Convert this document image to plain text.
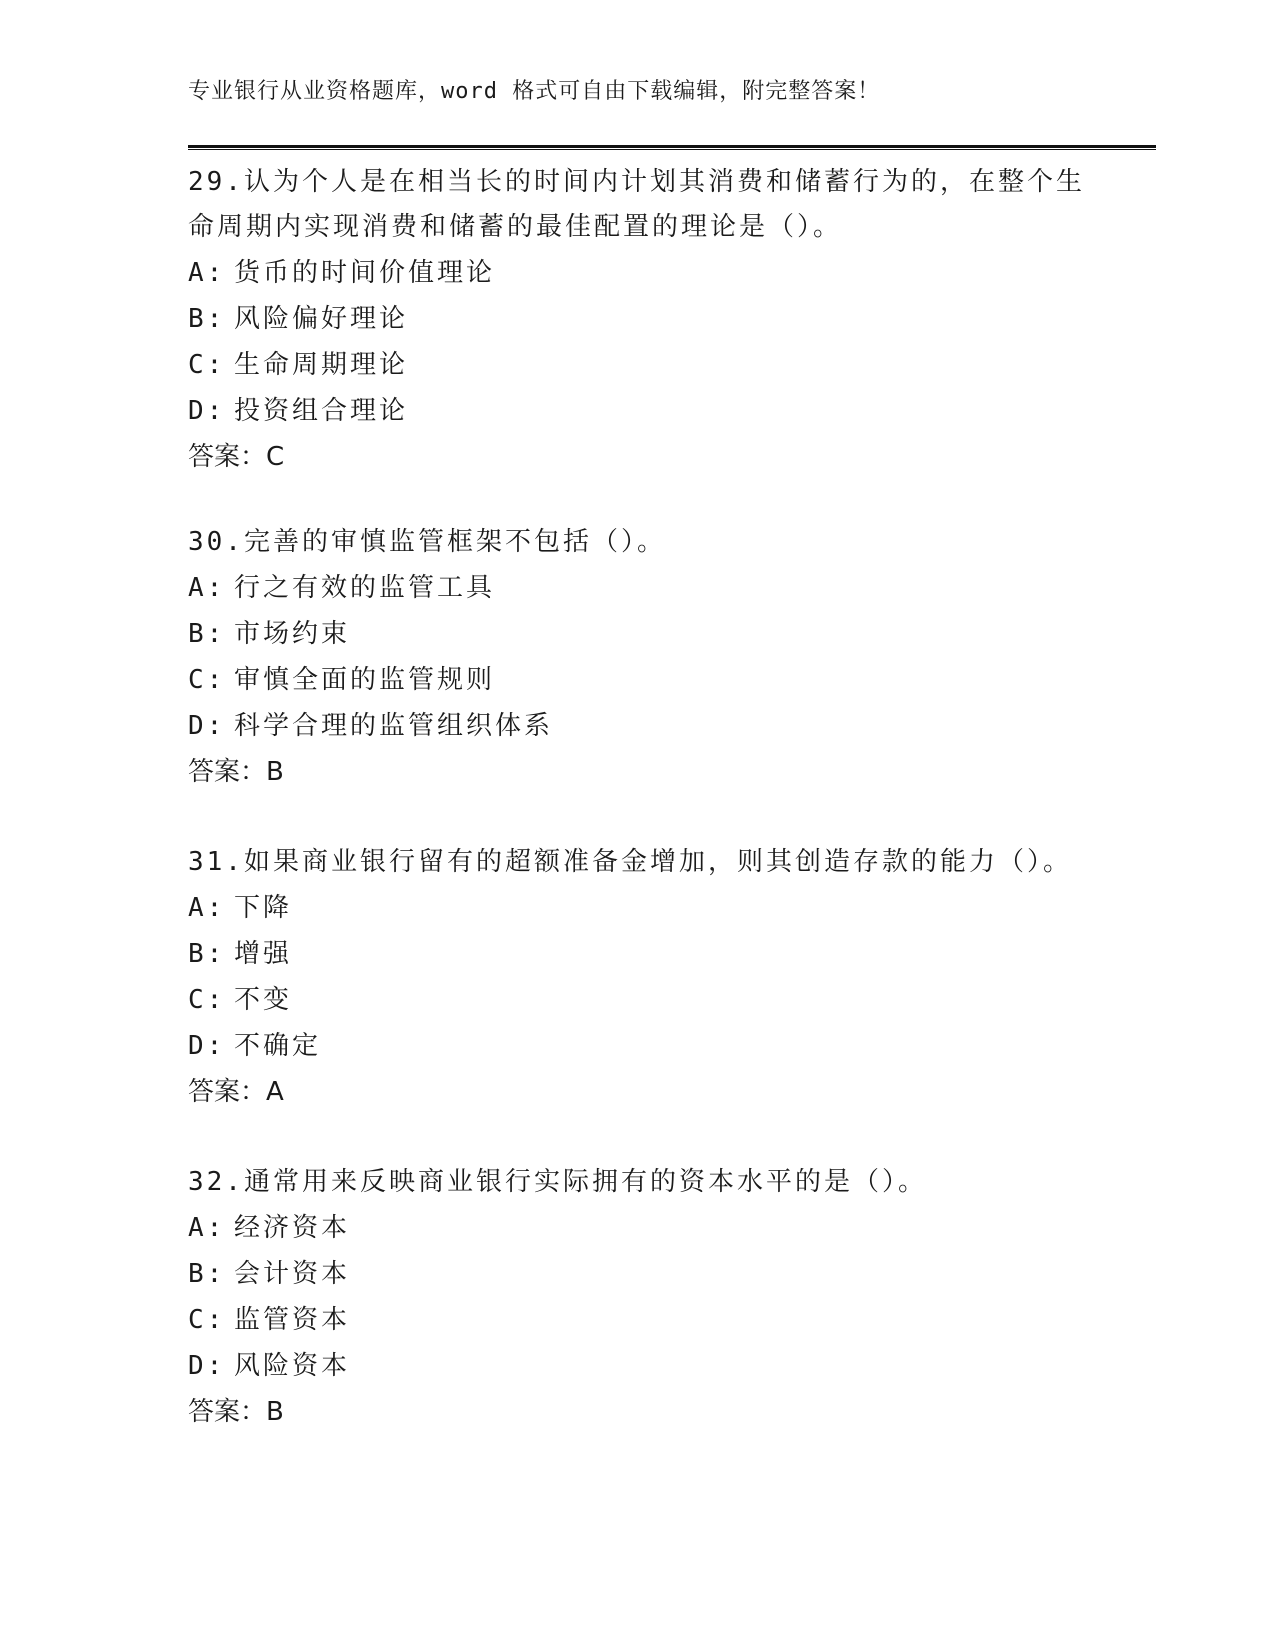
专业银行从业资格题库，word 格式可自由下载编辑，附完整答案！

29.认为个人是在相当长的时间内计划其消费和储蓄行为的，在整个生命周期内实现消费和储蓄的最佳配置的理论是（）。

A: 货币的时间价值理论

B: 风险偏好理论

C: 生命周期理论

D: 投资组合理论

答案：C

30.完善的审慎监管框架不包括（）。

A: 行之有效的监管工具

B: 市场约束

C: 审慎全面的监管规则

D: 科学合理的监管组织体系

答案：B

31.如果商业银行留有的超额准备金增加，则其创造存款的能力（）。

A: 下降

B: 增强

C: 不变

D: 不确定

答案：A

32.通常用来反映商业银行实际拥有的资本水平的是（）。

A: 经济资本

B: 会计资本

C: 监管资本

D: 风险资本

答案：B
